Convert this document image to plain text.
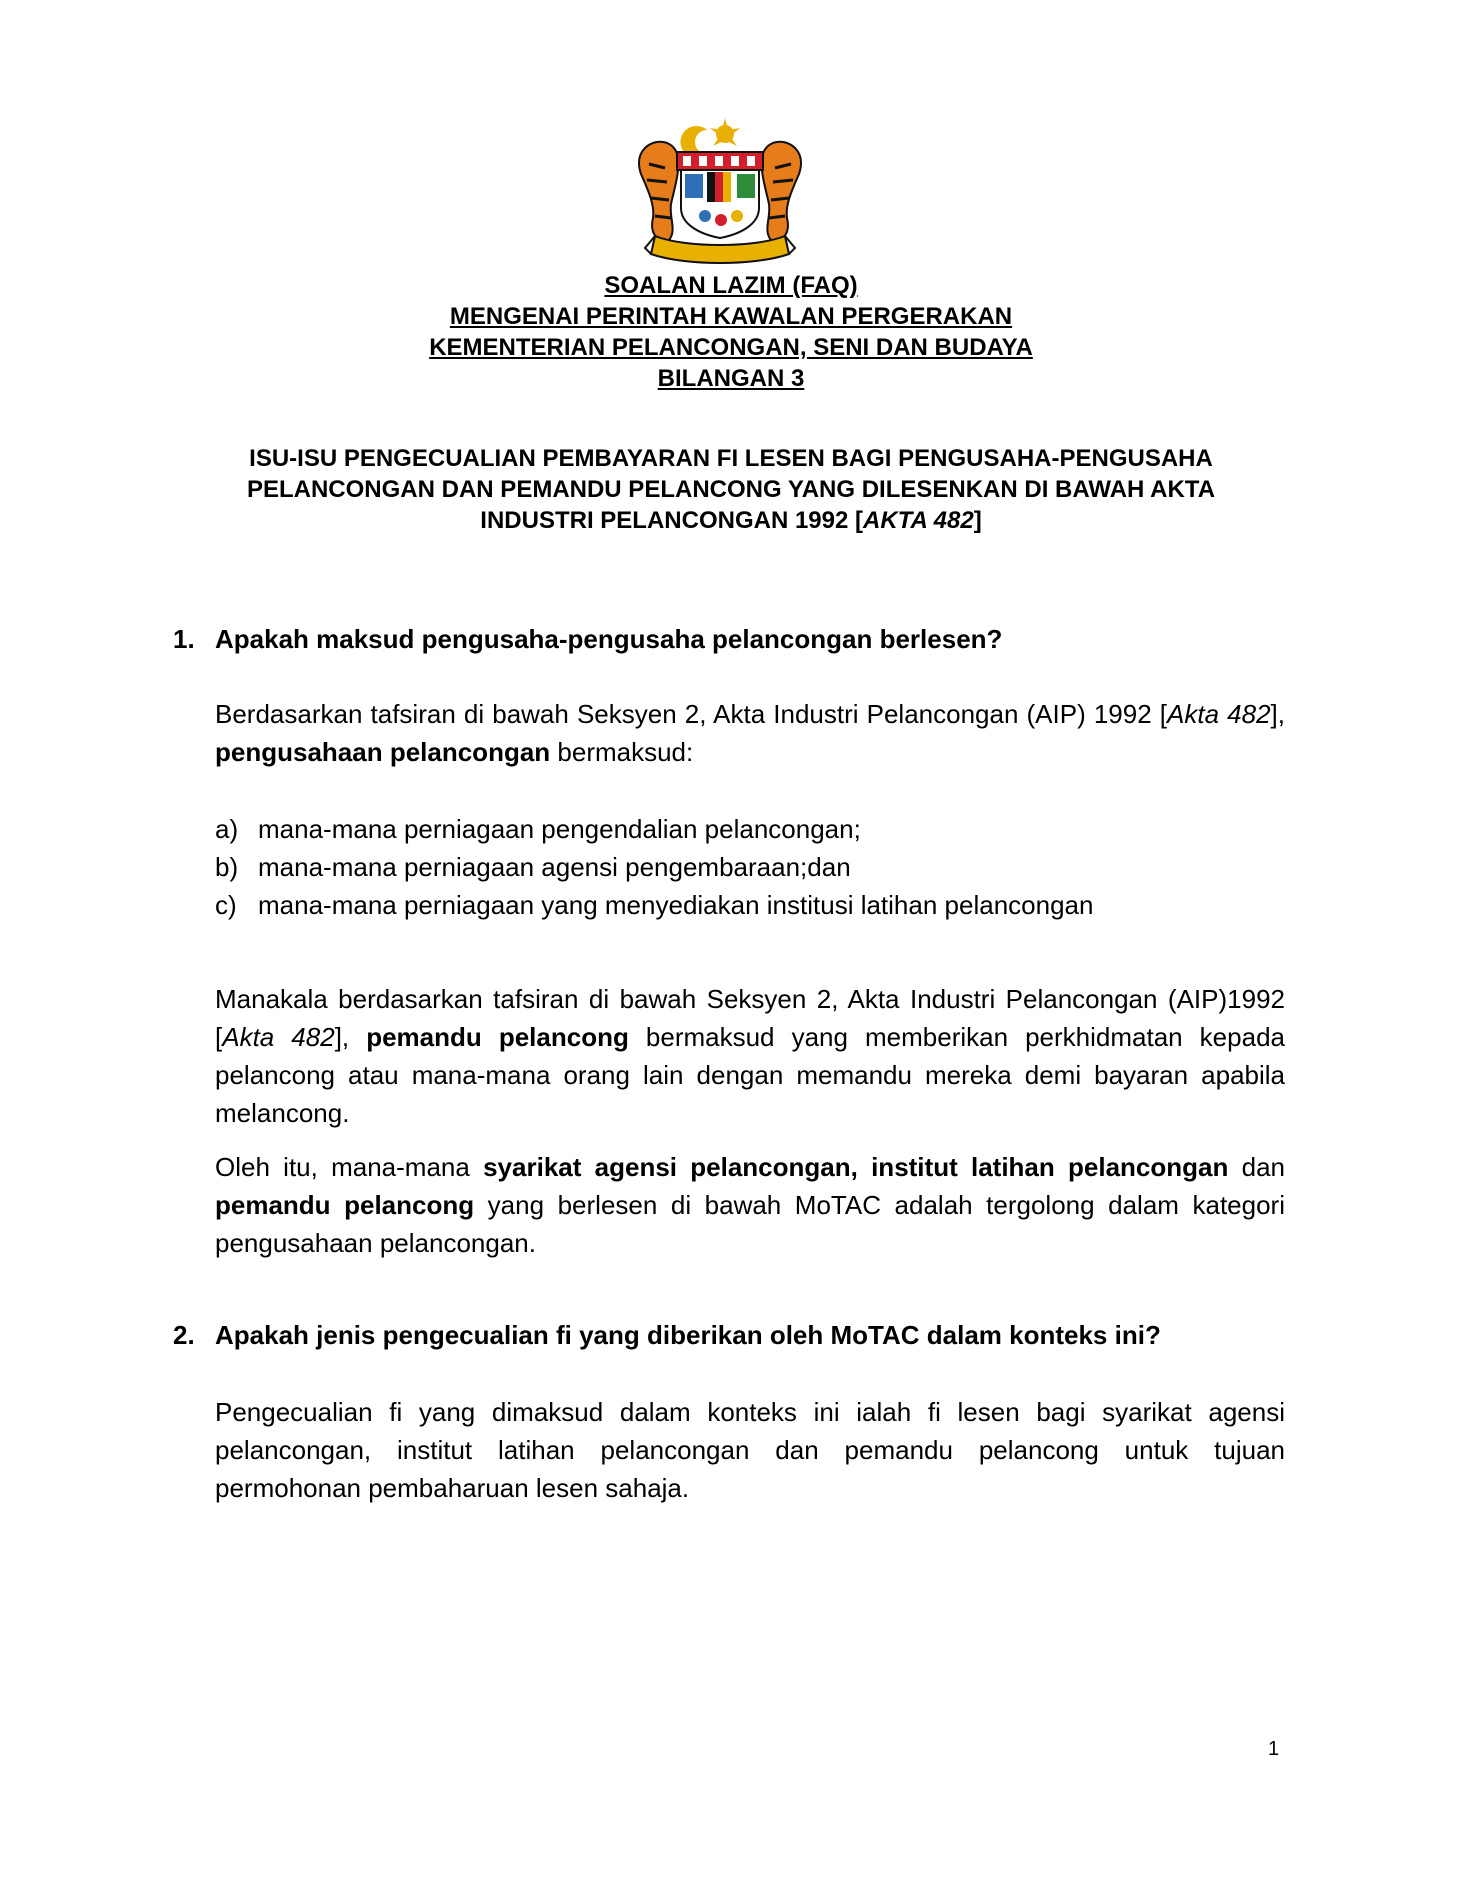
SOALAN LAZIM (FAQ)
MENGENAI PERINTAH KAWALAN PERGERAKAN
KEMENTERIAN PELANCONGAN, SENI DAN BUDAYA
BILANGAN 3
ISU-ISU PENGECUALIAN PEMBAYARAN FI LESEN BAGI PENGUSAHA-PENGUSAHA
PELANCONGAN DAN PEMANDU PELANCONG YANG DILESENKAN DI BAWAH AKTA
INDUSTRI PELANCONGAN 1992 [AKTA 482]
1. Apakah maksud pengusaha-pengusaha pelancongan berlesen?
Berdasarkan tafsiran di bawah Seksyen 2, Akta Industri Pelancongan (AIP) 1992 [Akta 482], pengusahaan pelancongan bermaksud:
a) mana-mana perniagaan pengendalian pelancongan;
b) mana-mana perniagaan agensi pengembaraan;dan
c) mana-mana perniagaan yang menyediakan institusi latihan pelancongan
Manakala berdasarkan tafsiran di bawah Seksyen 2, Akta Industri Pelancongan (AIP)1992 [Akta 482], pemandu pelancong bermaksud yang memberikan perkhidmatan kepada pelancong atau mana-mana orang lain dengan memandu mereka demi bayaran apabila melancong.
Oleh itu, mana-mana syarikat agensi pelancongan, institut latihan pelancongan dan pemandu pelancong yang berlesen di bawah MoTAC adalah tergolong dalam kategori pengusahaan pelancongan.
2. Apakah jenis pengecualian fi yang diberikan oleh MoTAC dalam konteks ini?
Pengecualian fi yang dimaksud dalam konteks ini ialah fi lesen bagi syarikat agensi pelancongan, institut latihan pelancongan dan pemandu pelancong untuk tujuan permohonan pembaharuan lesen sahaja.
1
